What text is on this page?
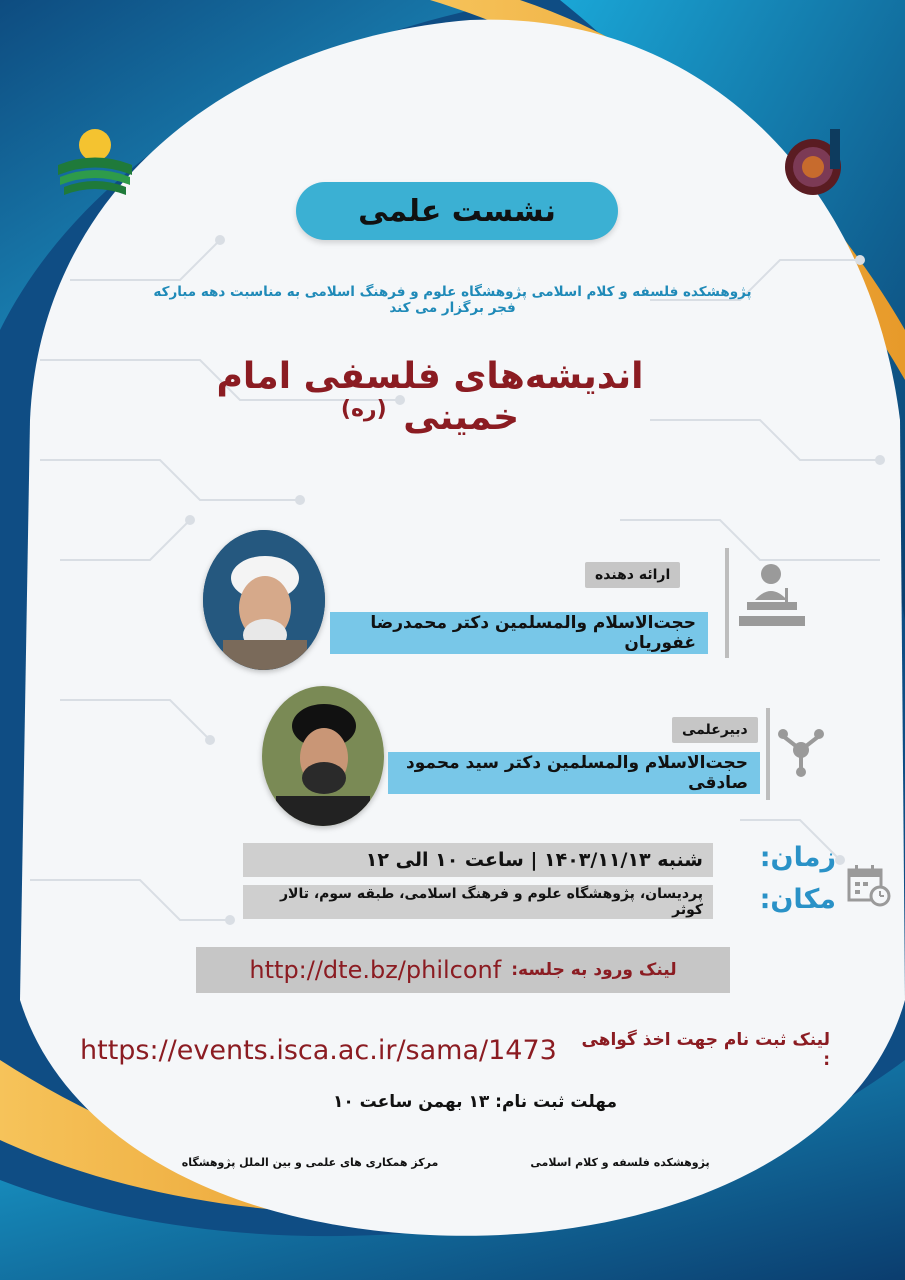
نشست علمی
پژوهشکده فلسفه و کلام اسلامی پژوهشگاه علوم و فرهنگ اسلامی به مناسبت دهه مبارکه فجر برگزار می کند
اندیشه‌های فلسفی امام خمینی $^{(ره)}$
ارائه دهنده
حجت‌الاسلام والمسلمین دکتر محمدرضا غفوریان
دبیرعلمی
حجت‌الاسلام والمسلمین دکتر سید محمود صادقی
زمان:
مکان:
شنبه ۱۴۰۳/۱۱/۱۳ | ساعت ۱۰ الی ۱۲
پردیسان، پژوهشگاه علوم و فرهنگ اسلامی، طبقه سوم، تالار کوثر
لینک ورود به جلسه:
http://dte.bz/philconf
لینک ثبت نام جهت اخذ گواهی :
https://events.isca.ac.ir/sama/1473
مهلت ثبت نام: ۱۳ بهمن ساعت ۱۰
پژوهشکده فلسفه و کلام اسلامی
مرکز همکاری های علمی و بین الملل پژوهشگاه
